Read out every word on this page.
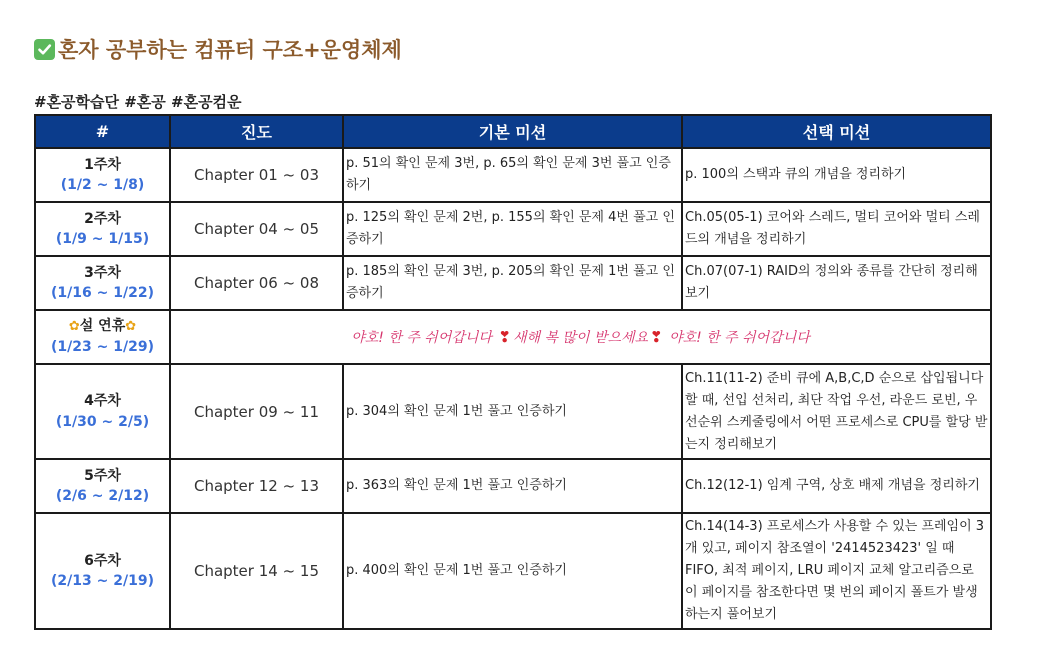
혼자 공부하는 컴퓨터 구조+운영체제
#혼공학습단 #혼공 #혼공컴운
#	진도	기본 미션	선택 미션

1주차
(1/2 ~ 1/8)	Chapter 01 ~ 03	p. 51의 확인 문제 3번, p. 65의 확인 문제 3번 풀고 인증하기	p. 100의 스택과 큐의 개념을 정리하기

2주차
(1/9 ~ 1/15)	Chapter 04 ~ 05	p. 125의 확인 문제 2번, p. 155의 확인 문제 4번 풀고 인증하기	Ch.05(05-1) 코어와 스레드, 멀티 코어와 멀티 스레드의 개념을 정리하기

3주차
(1/16 ~ 1/22)	Chapter 06 ~ 08	p. 185의 확인 문제 3번, p. 205의 확인 문제 1번 풀고 인증하기	Ch.07(07-1) RAID의 정의와 종류를 간단히 정리해 보기

✿설 연휴✿
(1/23 ~ 1/29)	야호! 한 주 쉬어갑니다 ❣ 새해 복 많이 받으세요 ❣ 야호! 한 주 쉬어갑니다		

4주차
(1/30 ~ 2/5)	Chapter 09 ~ 11	p. 304의 확인 문제 1번 풀고 인증하기	Ch.11(11-2) 준비 큐에 A,B,C,D 순으로 삽입됩니다 할 때, 선입 선처리, 최단 작업 우선, 라운드 로빈, 우선순위 스케줄링에서 어떤 프로세스로 CPU를 할당 받는지 정리해보기

5주차
(2/6 ~ 2/12)	Chapter 12 ~ 13	p. 363의 확인 문제 1번 풀고 인증하기	Ch.12(12-1) 임계 구역, 상호 배제 개념을 정리하기

6주차
(2/13 ~ 2/19)	Chapter 14 ~ 15	p. 400의 확인 문제 1번 풀고 인증하기	Ch.14(14-3) 프로세스가 사용할 수 있는 프레임이 3개 있고, 페이지 참조열이 '2414523423' 일 때 FIFO, 최적 페이지, LRU 페이지 교체 알고리즘으로 이 페이지를 참조한다면 몇 번의 페이지 폴트가 발생하는지 풀어보기
